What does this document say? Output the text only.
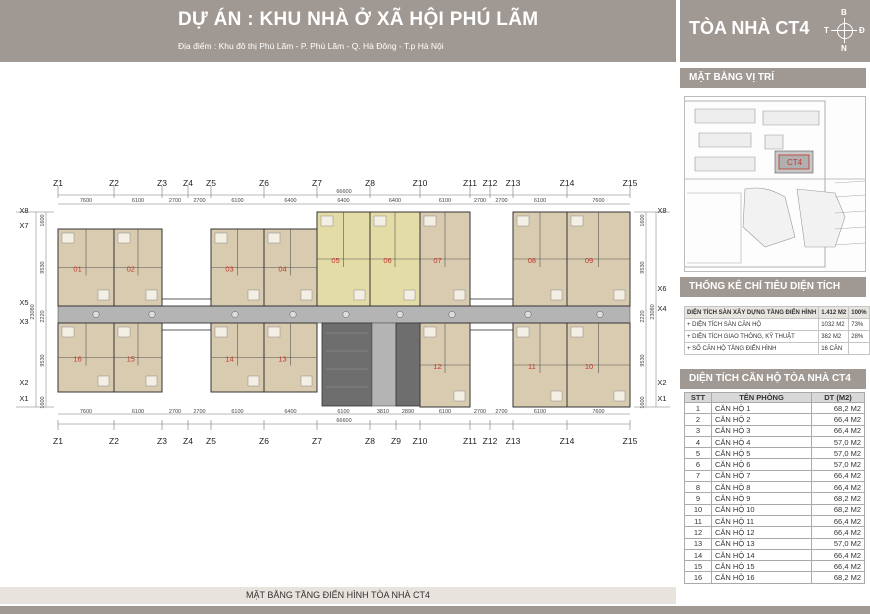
DỰ ÁN : KHU NHÀ Ở XÃ HỘI PHÚ LÃM
Địa điểm : Khu đô thị Phú Lãm - P. Phú Lãm - Q. Hà Đông - T.p Hà Nội
TÒA NHÀ CT4
B
N
T	Đ
MẶT BẰNG VỊ TRÍ
CT4
THỐNG KÊ CHỈ TIÊU DIỆN TÍCH
DIỆN TÍCH SÀN XÂY DỰNG TẦNG ĐIỂN HÌNH	1.412 M2	100%
+ DIỆN TÍCH SÀN CĂN HỘ	1032 M2	73%
+ DIỆN TÍCH GIAO THÔNG, KỸ THUẬT	382 M2	28%
+ SỐ CĂN HỘ TẦNG ĐIỂN HÌNH	16 CĂN	
DIỆN TÍCH CĂN HỘ TÒA NHÀ CT4
STT	TÊN PHÒNG	DT (M2)
1	CĂN HỘ 1	68,2 M2
2	CĂN HỘ 2	66,4 M2
3	CĂN HỘ 3	66,4 M2
4	CĂN HỘ 4	57,0 M2
5	CĂN HỘ 5	57,0 M2
6	CĂN HỘ 6	57,0 M2
7	CĂN HỘ 7	66,4 M2
8	CĂN HỘ 8	66,4 M2
9	CĂN HỘ 9	68,2 M2
10	CĂN HỘ 10	68,2 M2
11	CĂN HỘ 11	66,4 M2
12	CĂN HỘ 12	66,4 M2
13	CĂN HỘ 13	57,0 M2
14	CĂN HỘ 14	66,4 M2
15	CĂN HỘ 15	66,4 M2
16	CĂN HỘ 16	68,2 M2
66600
7600	6100	2700 2700	6100	6400	6400	6400	6100	2700 2700	6100	7600
66600
7600	6100	2700 2700	6100	6400	6100	3810 2890	6100	2700 2700	6100	7600
23080
1600
9530
2220
9530
1600
23080
1600
9530
2220
9530
1600
01	02	03	04
05	06	07	08	09
10
11
12
13
14
15
16
Z1	Z2	Z3 Z4 Z5	Z6	Z7	Z8	Z10	Z11 Z12 Z13	Z14	Z15
Z1	Z2	Z3 Z4 Z5	Z6	Z7	Z8 Z9 Z10	Z11 Z12 Z13	Z14	Z15
X8
X7
X5
X3
X2
X1
X8
X6
X4
X2
X1
MẶT BẰNG TẦNG ĐIỂN HÌNH TÒA NHÀ CT4
